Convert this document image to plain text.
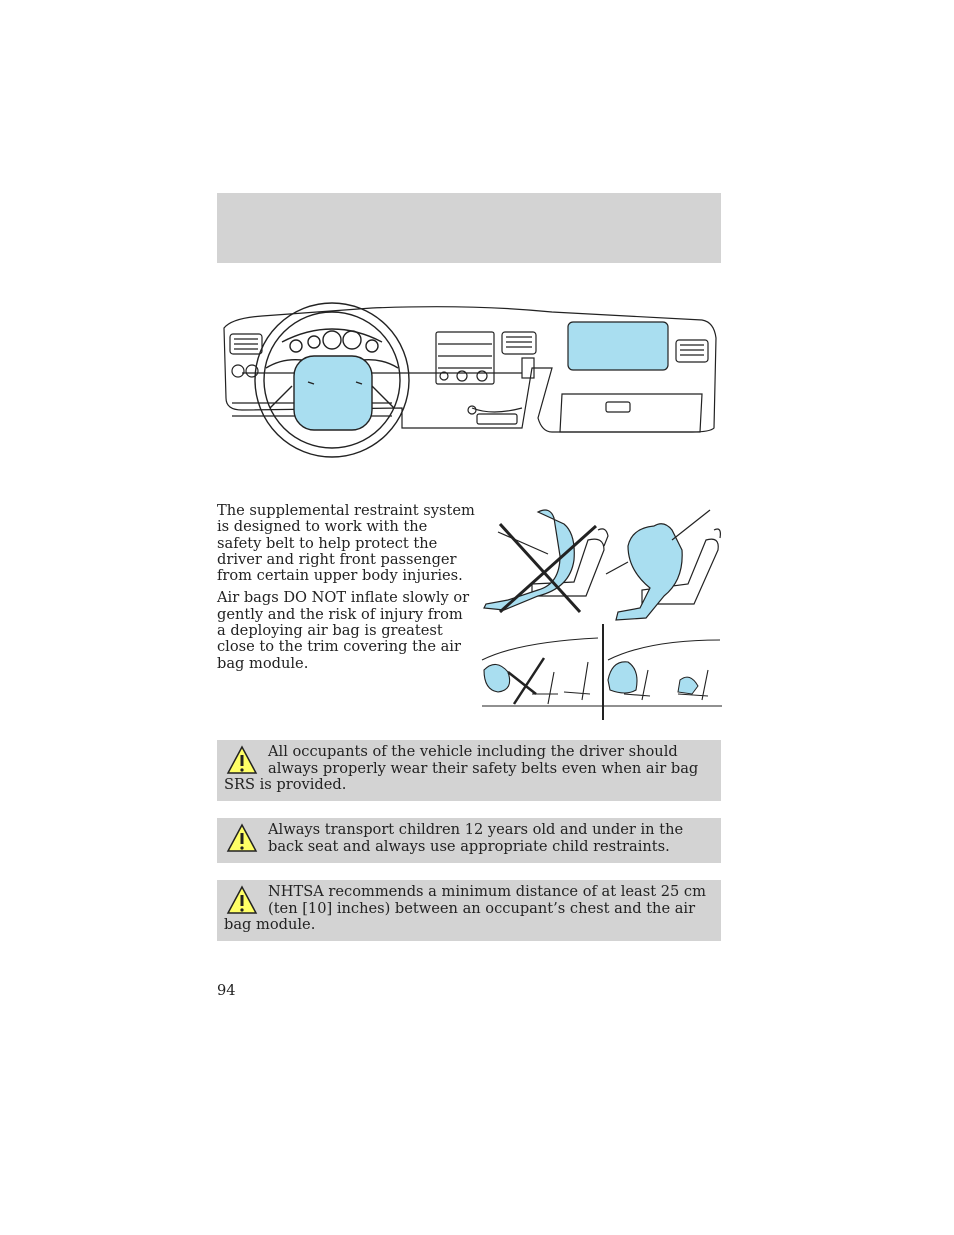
The supplemental restraint system is designed to work with the safety belt to help protect the driver and right front passenger from certain upper body injuries.

Air bags DO NOT inflate slowly or gently and the risk of injury from a deploying air bag is greatest close to the trim covering the air bag module.

All occupants of the vehicle including the driver should always properly wear their safety belts even when air bag SRS is provided.
Always transport children 12 years old and under in the back seat and always use appropriate child restraints.
NHTSA recommends a minimum distance of at least 25 cm (ten [10] inches) between an occupant’s chest and the air bag module.
94
